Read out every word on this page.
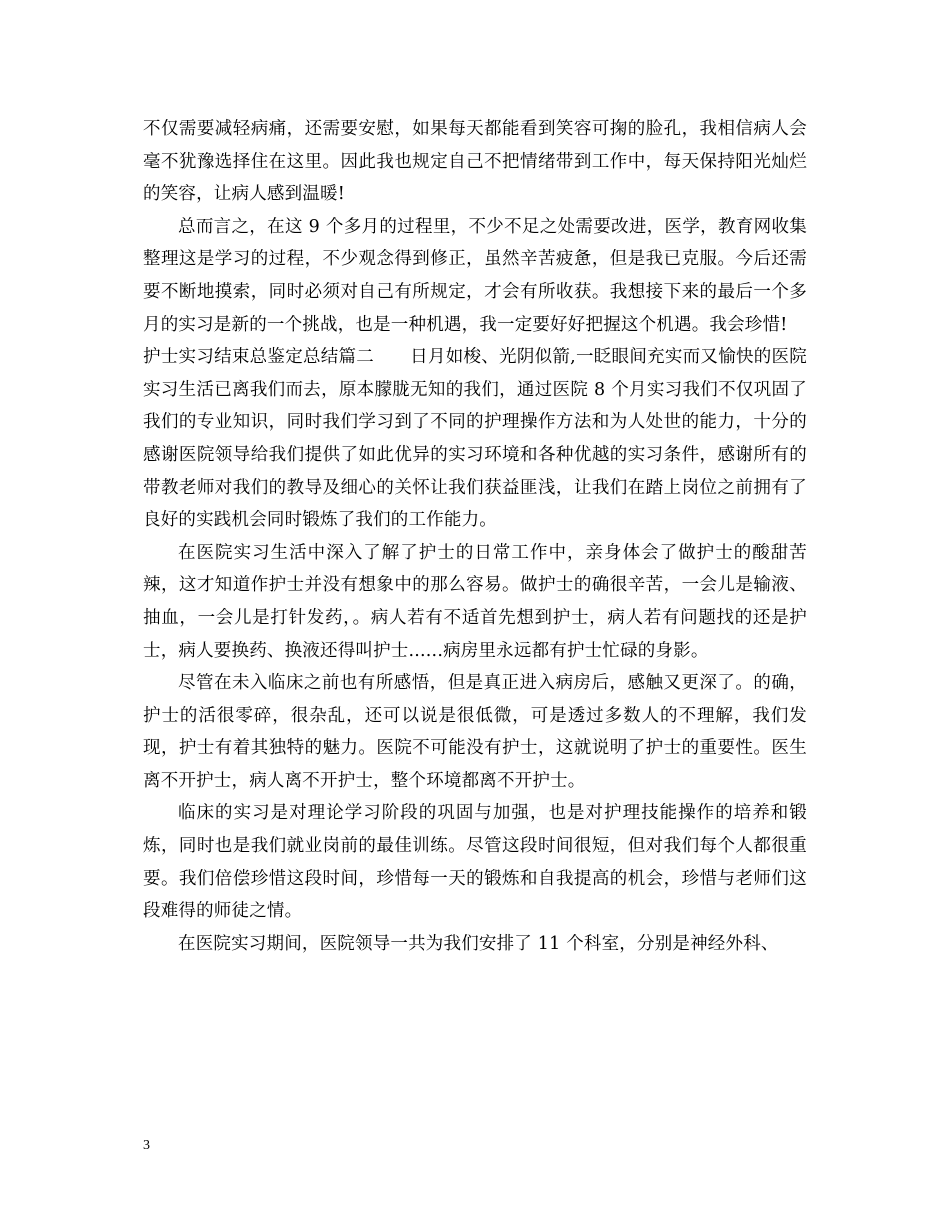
不仅需要减轻病痛，还需要安慰，如果每天都能看到笑容可掬的脸孔，我相信病人会毫不犹豫选择住在这里。因此我也规定自己不把情绪带到工作中，每天保持阳光灿烂的笑容，让病人感到温暖!

总而言之，在这 9 个多月的过程里，不少不足之处需要改进，医学，教育网收集整理这是学习的过程，不少观念得到修正，虽然辛苦疲惫，但是我已克服。今后还需要不断地摸索，同时必须对自己有所规定，才会有所收获。我想接下来的最后一个多月的实习是新的一个挑战，也是一种机遇，我一定要好好把握这个机遇。我会珍惜!

护士实习结束总鉴定总结篇二 日月如梭、光阴似箭,一眨眼间充实而又愉快的医院实习生活已离我们而去，原本朦胧无知的我们，通过医院 8 个月实习我们不仅巩固了我们的专业知识，同时我们学习到了不同的护理操作方法和为人处世的能力，十分的感谢医院领导给我们提供了如此优异的实习环境和各种优越的实习条件，感谢所有的带教老师对我们的教导及细心的关怀让我们获益匪浅，让我们在踏上岗位之前拥有了良好的实践机会同时锻炼了我们的工作能力。

在医院实习生活中深入了解了护士的日常工作中，亲身体会了做护士的酸甜苦辣，这才知道作护士并没有想象中的那么容易。做护士的确很辛苦，一会儿是输液、抽血，一会儿是打针发药，。病人若有不适首先想到护士，病人若有问题找的还是护士，病人要换药、换液还得叫护士......病房里永远都有护士忙碌的身影。

尽管在未入临床之前也有所感悟，但是真正进入病房后，感触又更深了。的确，护士的活很零碎，很杂乱，还可以说是很低微，可是透过多数人的不理解，我们发现，护士有着其独特的魅力。医院不可能没有护士，这就说明了护士的重要性。医生离不开护士，病人离不开护士，整个环境都离不开护士。

临床的实习是对理论学习阶段的巩固与加强，也是对护理技能操作的培养和锻炼，同时也是我们就业岗前的最佳训练。尽管这段时间很短，但对我们每个人都很重要。我们倍偿珍惜这段时间，珍惜每一天的锻炼和自我提高的机会，珍惜与老师们这段难得的师徒之情。

在医院实习期间，医院领导一共为我们安排了 11 个科室，分别是神经外科、

3
